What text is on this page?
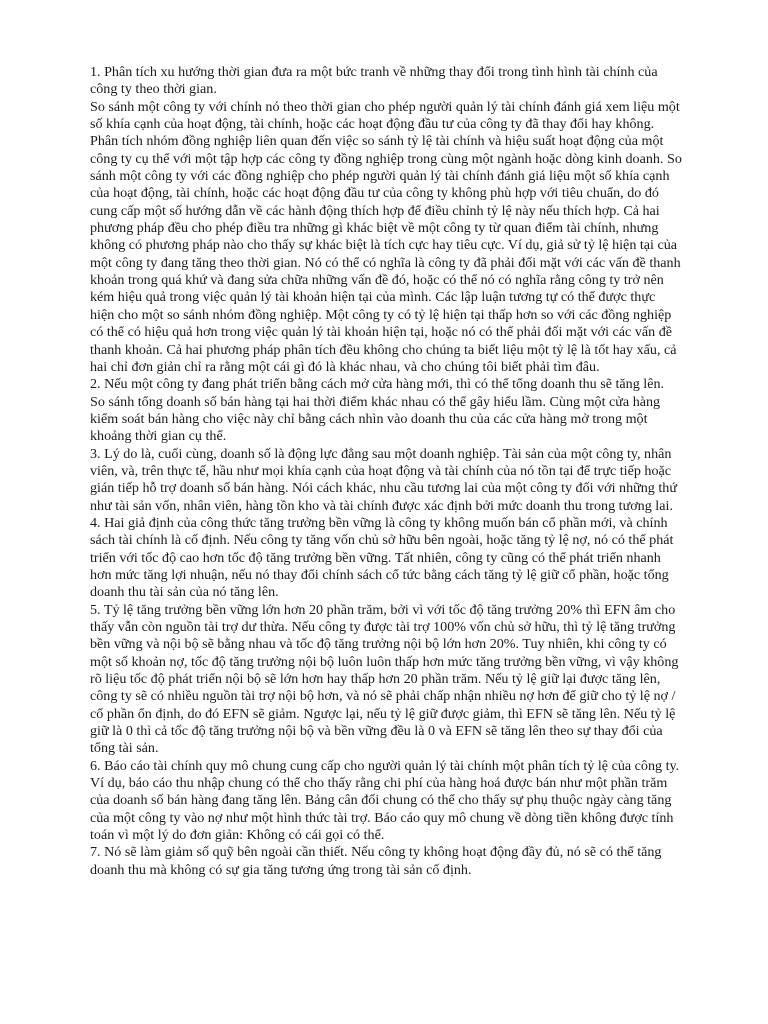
1. Phân tích xu hướng thời gian đưa ra một bức tranh về những thay đổi trong tình hình tài chính của công ty theo thời gian.

So sánh một công ty với chính nó theo thời gian cho phép người quản lý tài chính đánh giá xem liệu một số khía cạnh của hoạt động, tài chính, hoặc các hoạt động đầu tư của công ty đã thay đổi hay không. Phân tích nhóm đồng nghiệp liên quan đến việc so sánh tỷ lệ tài chính và hiệu suất hoạt động của một công ty cụ thể với một tập hợp các công ty đồng nghiệp trong cùng một ngành hoặc dòng kinh doanh. So sánh một công ty với các đồng nghiệp cho phép người quản lý tài chính đánh giá liệu một số khía cạnh của hoạt động, tài chính, hoặc các hoạt động đầu tư của công ty không phù hợp với tiêu chuẩn, do đó cung cấp một số hướng dẫn về các hành động thích hợp để điều chỉnh tỷ lệ này nếu thích hợp. Cả hai phương pháp đều cho phép điều tra những gì khác biệt về một công ty từ quan điểm tài chính, nhưng không có phương pháp nào cho thấy sự khác biệt là tích cực hay tiêu cực. Ví dụ, giả sử tỷ lệ hiện tại của một công ty đang tăng theo thời gian. Nó có thể có nghĩa là công ty đã phải đối mặt với các vấn đề thanh khoản trong quá khứ và đang sửa chữa những vấn đề đó, hoặc có thể nó có nghĩa rằng công ty trở nên kém hiệu quả trong việc quản lý tài khoản hiện tại của mình. Các lập luận tương tự có thể được thực hiện cho một so sánh nhóm đồng nghiệp. Một công ty có tỷ lệ hiện tại thấp hơn so với các đồng nghiệp có thể có hiệu quả hơn trong việc quản lý tài khoản hiện tại, hoặc nó có thể phải đối mặt với các vấn đề thanh khoản. Cả hai phương pháp phân tích đều không cho chúng ta biết liệu một tỷ lệ là tốt hay xấu, cả hai chỉ đơn giản chỉ ra rằng một cái gì đó là khác nhau, và cho chúng tôi biết phải tìm đâu.

2. Nếu một công ty đang phát triển bằng cách mở cửa hàng mới, thì có thể tổng doanh thu sẽ tăng lên.

So sánh tổng doanh số bán hàng tại hai thời điểm khác nhau có thể gây hiểu lầm. Cùng một cửa hàng kiểm soát bán hàng cho việc này chỉ bằng cách nhìn vào doanh thu của các cửa hàng mở trong một khoảng thời gian cụ thể.

3. Lý do là, cuối cùng, doanh số là động lực đằng sau một doanh nghiệp. Tài sản của một công ty, nhân viên, và, trên thực tế, hầu như mọi khía cạnh của hoạt động và tài chính của nó tồn tại để trực tiếp hoặc gián tiếp hỗ trợ doanh số bán hàng. Nói cách khác, nhu cầu tương lai của một công ty đối với những thứ như tài sản vốn, nhân viên, hàng tồn kho và tài chính được xác định bởi mức doanh thu trong tương lai.

4. Hai giả định của công thức tăng trưởng bền vững là công ty không muốn bán cổ phần mới, và chính sách tài chính là cố định. Nếu công ty tăng vốn chủ sở hữu bên ngoài, hoặc tăng tỷ lệ nợ, nó có thể phát triển với tốc độ cao hơn tốc độ tăng trưởng bền vững. Tất nhiên, công ty cũng có thể phát triển nhanh hơn mức tăng lợi nhuận, nếu nó thay đổi chính sách cổ tức bằng cách tăng tỷ lệ giữ cổ phần, hoặc tổng doanh thu tài sản của nó tăng lên.

5. Tỷ lệ tăng trưởng bền vững lớn hơn 20 phần trăm, bởi vì với tốc độ tăng trưởng 20% thì EFN âm cho thấy vẫn còn nguồn tài trợ dư thừa. Nếu công ty được tài trợ 100% vốn chủ sở hữu, thì tỷ lệ tăng trưởng bền vững và nội bộ sẽ bằng nhau và tốc độ tăng trưởng nội bộ lớn hơn 20%. Tuy nhiên, khi công ty có một số khoản nợ, tốc độ tăng trưởng nội bộ luôn luôn thấp hơn mức tăng trưởng bền vững, vì vậy không rõ liệu tốc độ phát triển nội bộ sẽ lớn hơn hay thấp hơn 20 phần trăm. Nếu tỷ lệ giữ lại được tăng lên, công ty sẽ có nhiều nguồn tài trợ nội bộ hơn, và nó sẽ phải chấp nhận nhiều nợ hơn để giữ cho tỷ lệ nợ / cổ phần ổn định, do đó EFN sẽ giảm. Ngược lại, nếu tỷ lệ giữ được giảm, thì EFN sẽ tăng lên. Nếu tỷ lệ giữ là 0 thì cả tốc độ tăng trưởng nội bộ và bền vững đều là 0 và EFN sẽ tăng lên theo sự thay đổi của tổng tài sản.

6. Báo cáo tài chính quy mô chung cung cấp cho người quản lý tài chính một phân tích tỷ lệ của công ty. Ví dụ, báo cáo thu nhập chung có thể cho thấy rằng chi phí của hàng hoá được bán như một phần trăm của doanh số bán hàng đang tăng lên. Bảng cân đối chung có thể cho thấy sự phụ thuộc ngày càng tăng của một công ty vào nợ như một hình thức tài trợ. Báo cáo quy mô chung về dòng tiền không được tính toán vì một lý do đơn giản: Không có cái gọi có thể.

7. Nó sẽ làm giảm số quỹ bên ngoài cần thiết. Nếu công ty không hoạt động đầy đủ, nó sẽ có thể tăng doanh thu mà không có sự gia tăng tương ứng trong tài sản cố định.
